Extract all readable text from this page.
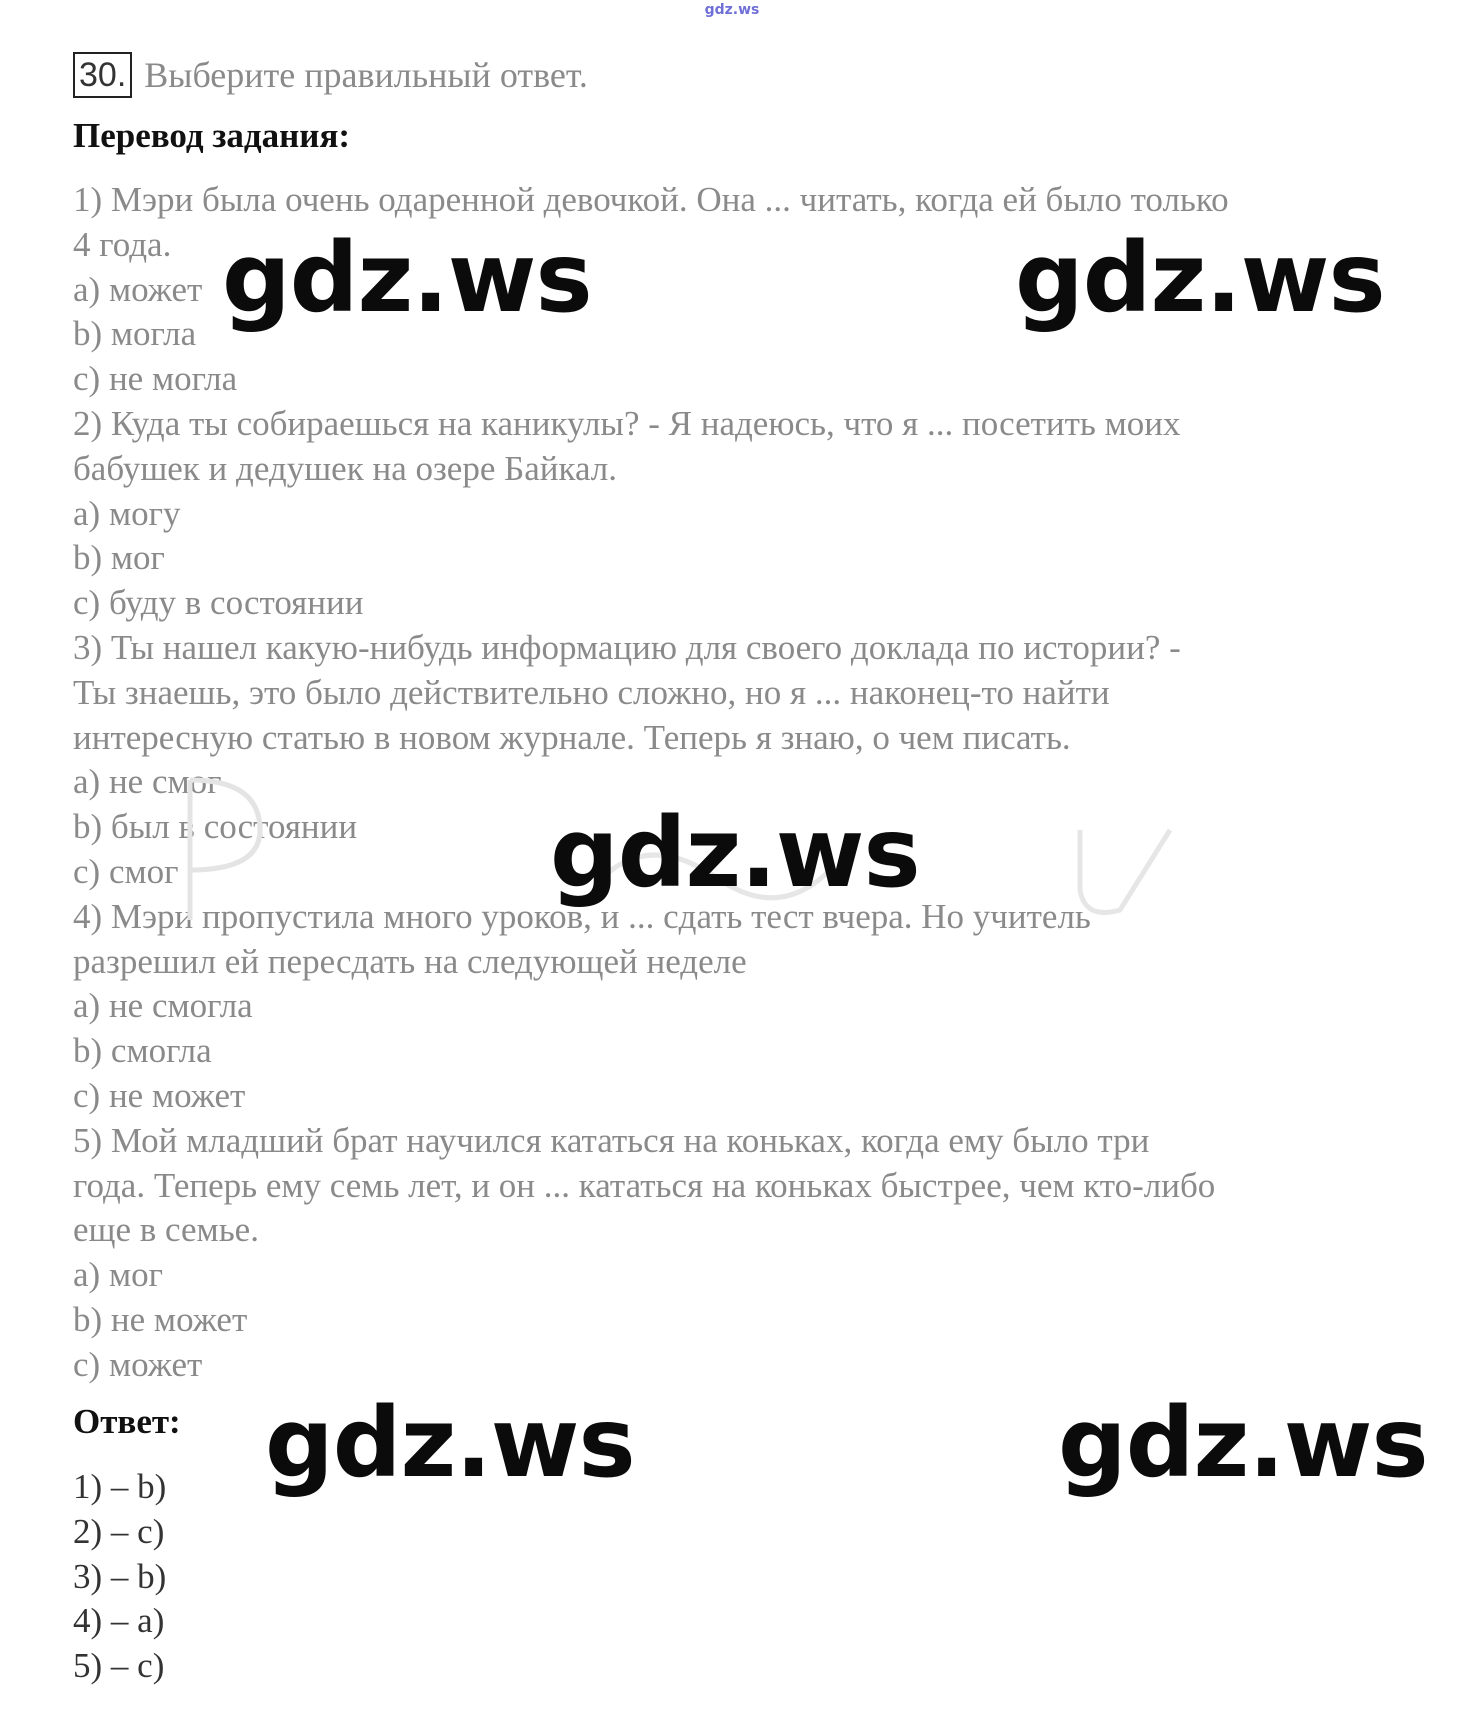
gdz.ws
30. Выберите правильный ответ.
Перевод задания:
1) Мэри была очень одаренной девочкой. Она ... читать, когда ей было только
4 года.
a) может
b) могла
c) не могла
2) Куда ты собираешься на каникулы? - Я надеюсь, что я ... посетить моих
бабушек и дедушек на озере Байкал.
a) могу
b) мог
c) буду в состоянии
3) Ты нашел какую-нибудь информацию для своего доклада по истории? -
Ты знаешь, это было действительно сложно, но я ... наконец-то найти
интересную статью в новом журнале. Теперь я знаю, о чем писать.
a) не смог
b) был в состоянии
c) смог
4) Мэри пропустила много уроков, и ... сдать тест вчера. Но учитель
разрешил ей пересдать на следующей неделе
a) не смогла
b) смогла
c) не может
5) Мой младший брат научился кататься на коньках, когда ему было три
года. Теперь ему семь лет, и он ... кататься на коньках быстрее, чем кто-либо
еще в семье.
a) мог
b) не может
c) может
Ответ:
1) – b)
2) – c)
3) – b)
4) – a)
5) – c)
gdz.ws	gdz.ws
gdz.ws
gdz.ws	gdz.ws
